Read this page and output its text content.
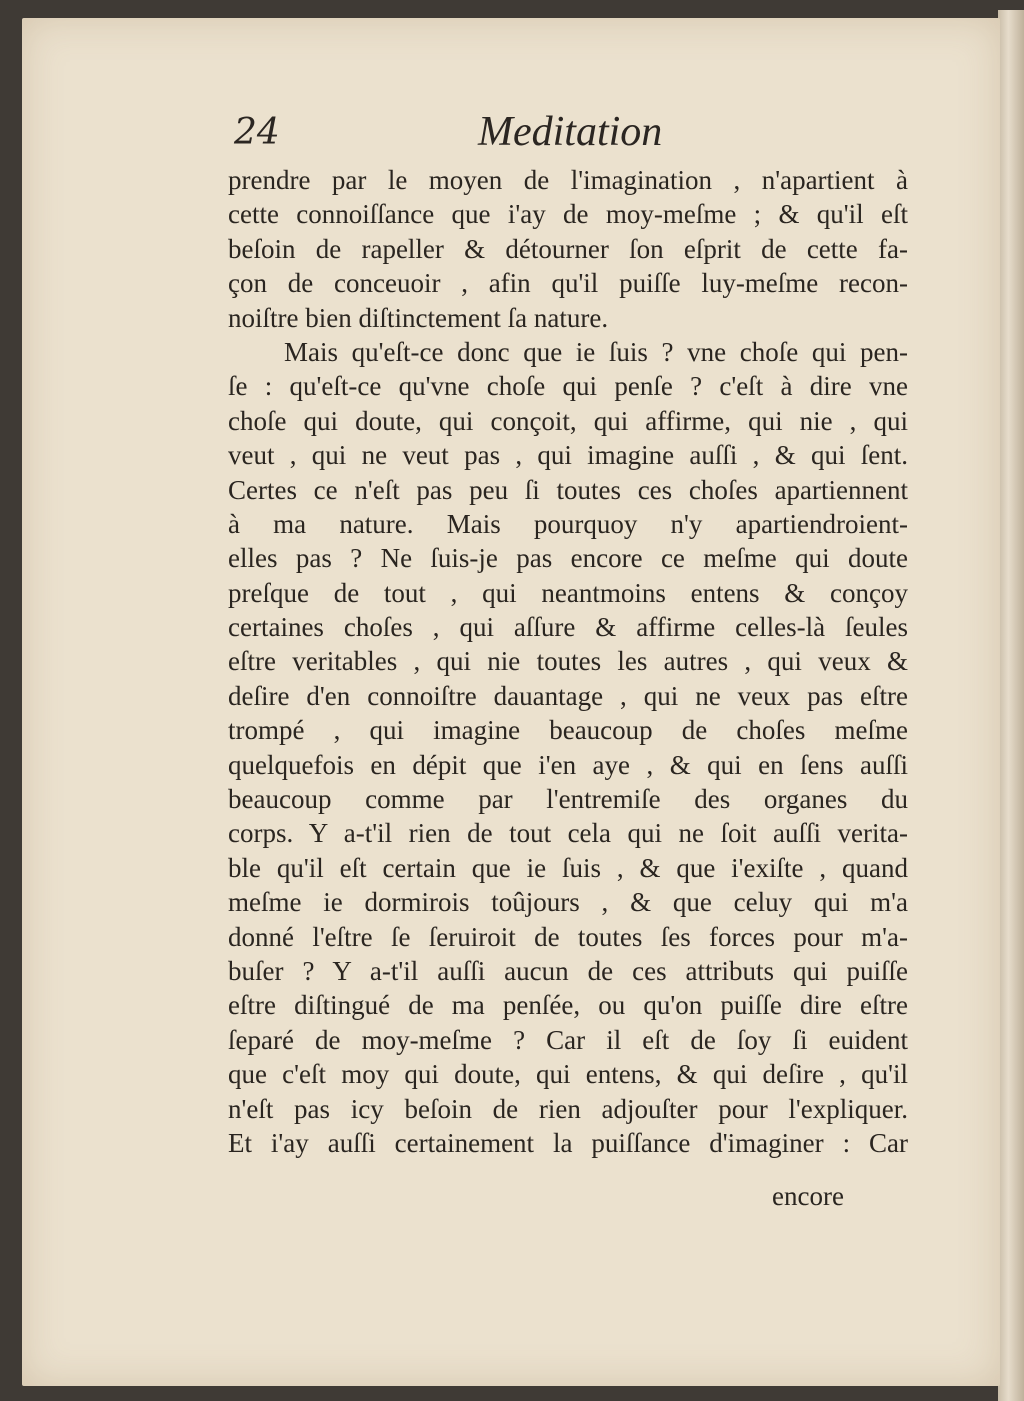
24	Meditation
prendre par le moyen de l'imagination , n'apartient à
cette connoiſſance que i'ay de moy-meſme ; & qu'il eſt
beſoin de rapeller & détourner ſon eſprit de cette fa-
çon de conceuoir , afin qu'il puiſſe luy-meſme recon-
noiſtre bien diſtinctement ſa nature.
Mais qu'eſt-ce donc que ie ſuis ? vne choſe qui pen-
ſe : qu'eſt-ce qu'vne choſe qui penſe ? c'eſt à dire vne
choſe qui doute, qui conçoit, qui affirme, qui nie , qui
veut , qui ne veut pas , qui imagine auſſi , & qui ſent.
Certes ce n'eſt pas peu ſi toutes ces choſes apartiennent
à ma nature. Mais pourquoy n'y apartiendroient-
elles pas ? Ne ſuis-je pas encore ce meſme qui doute
preſque de tout , qui neantmoins entens & conçoy
certaines choſes , qui aſſure & affirme celles-là ſeules
eſtre veritables , qui nie toutes les autres , qui veux &
deſire d'en connoiſtre dauantage , qui ne veux pas eſtre
trompé , qui imagine beaucoup de choſes meſme
quelquefois en dépit que i'en aye , & qui en ſens auſſi
beaucoup comme par l'entremiſe des organes du
corps. Y a-t'il rien de tout cela qui ne ſoit auſſi verita-
ble qu'il eſt certain que ie ſuis , & que i'exiſte , quand
meſme ie dormirois toûjours , & que celuy qui m'a
donné l'eſtre ſe ſeruiroit de toutes ſes forces pour m'a-
buſer ? Y a-t'il auſſi aucun de ces attributs qui puiſſe
eſtre diſtingué de ma penſée, ou qu'on puiſſe dire eſtre
ſeparé de moy-meſme ? Car il eſt de ſoy ſi euident
que c'eſt moy qui doute, qui entens, & qui deſire , qu'il
n'eſt pas icy beſoin de rien adjouſter pour l'expliquer.
Et i'ay auſſi certainement la puiſſance d'imaginer : Car
encore
